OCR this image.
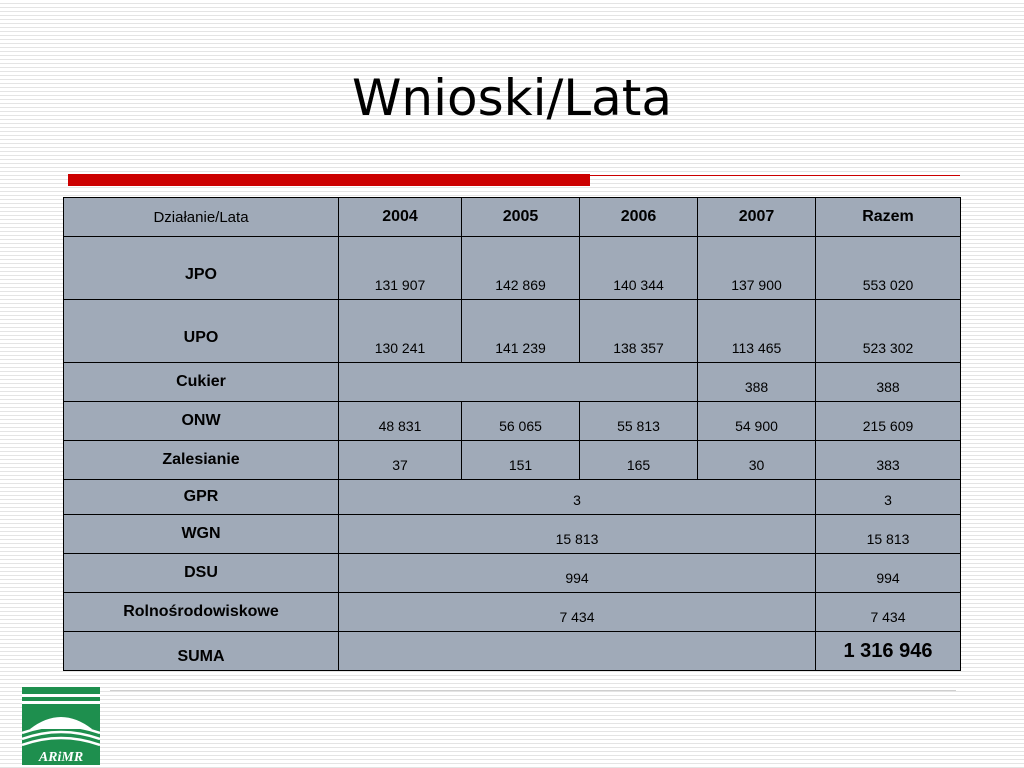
Wnioski/Lata
Działanie/Lata	2004	2005	2006	2007	Razem
JPO	131 907	142 869	140 344	137 900	553 020
UPO	130 241	141 239	138 357	113 465	523 302
Cukier				388	388
ONW	48 831	56 065	55 813	54 900	215 609
Zalesianie	37	151	165	30	383
GPR	3				3
WGN	15 813				15 813
DSU	994				994
Rolnośrodowiskowe	7 434				7 434
SUMA					1 316 946
ARiMR
